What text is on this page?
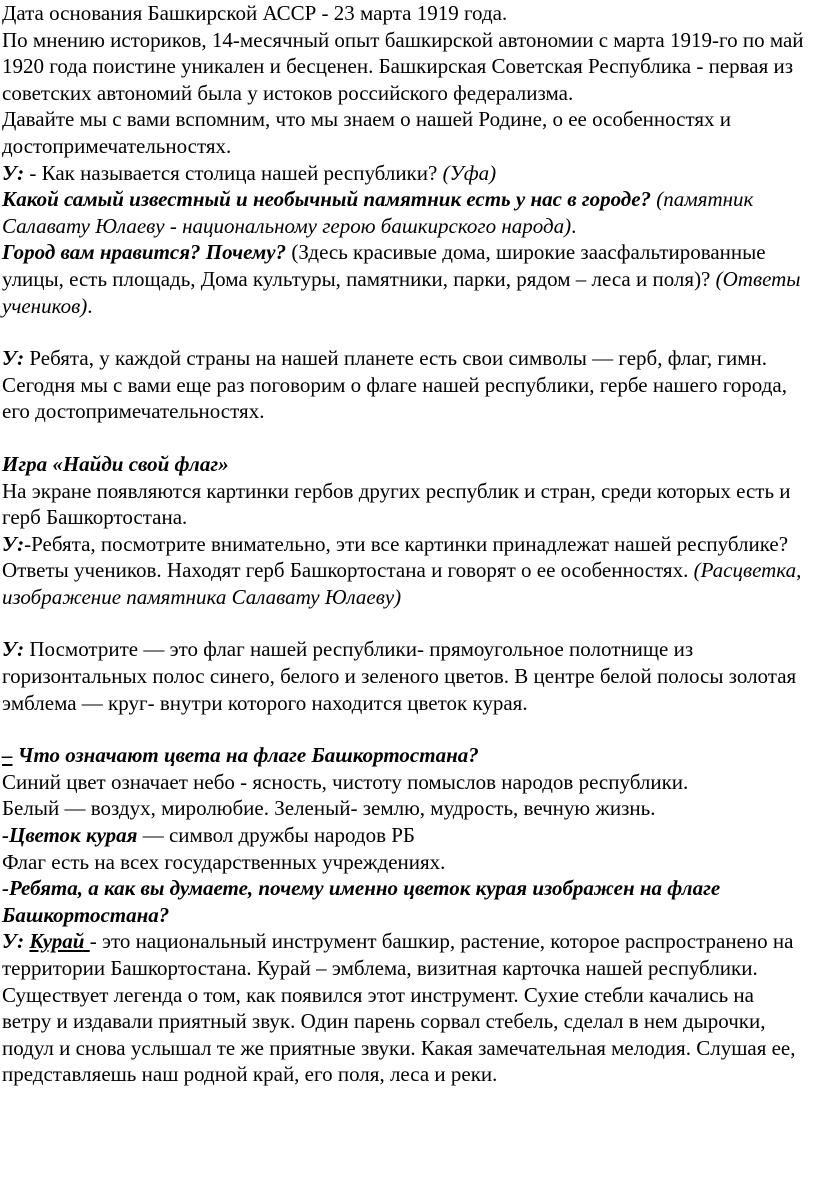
Дата основания Башкирской АССР - 23 марта 1919 года.

По мнению историков, 14-месячный опыт башкирской автономии с марта 1919-го по май 1920 года поистине уникален и бесценен. Башкирская Советская Республика - первая из советских автономий была у истоков российского федерализма.

Давайте мы с вами вспомним, что мы знаем о нашей Родине, о ее особенностях и достопримечательностях.

У: - Как называется столица нашей республики? (Уфа)

Какой самый известный и необычный памятник есть у нас в городе? (памятник Салавату Юлаеву - национальному герою башкирского народа).

Город вам нравится? Почему? (Здесь красивые дома, широкие заасфальтированные улицы, есть площадь, Дома культуры, памятники, парки, рядом – леса и поля)? (Ответы учеников).

У: Ребята, у каждой страны на нашей планете есть свои символы — герб, флаг, гимн. Сегодня мы с вами еще раз поговорим о флаге нашей республики, гербе нашего города, его достопримечательностях.

Игра «Найди свой флаг»

На экране появляются картинки гербов других республик и стран, среди которых есть и герб Башкортостана.

У:-Ребята, посмотрите внимательно, эти все картинки принадлежат нашей республике?

Ответы учеников. Находят герб Башкортостана и говорят о ее особенностях. (Расцветка, изображение памятника Салавату Юлаеву)

У: Посмотрите — это флаг нашей республики- прямоугольное полотнище из горизонтальных полос синего, белого и зеленого цветов. В центре белой полосы золотая эмблема — круг- внутри которого находится цветок курая.

– Что означают цвета на флаге Башкортостана?

Синий цвет означает небо - ясность, чистоту помыслов народов республики.

Белый — воздух, миролюбие. Зеленый- землю, мудрость, вечную жизнь.

-Цветок курая — символ дружбы народов РБ

Флаг есть на всех государственных учреждениях.

-Ребята, а как вы думаете, почему именно цветок курая изображен на флаге Башкортостана?

У: Курай - это национальный инструмент башкир, растение, которое распространено на территории Башкортостана. Курай – эмблема, визитная карточка нашей республики. Существует легенда о том, как появился этот инструмент. Сухие стебли качались на ветру и издавали приятный звук. Один парень сорвал стебель, сделал в нем дырочки, подул и снова услышал те же приятные звуки. Какая замечательная мелодия. Слушая ее, представляешь наш родной край, его поля, леса и реки.
